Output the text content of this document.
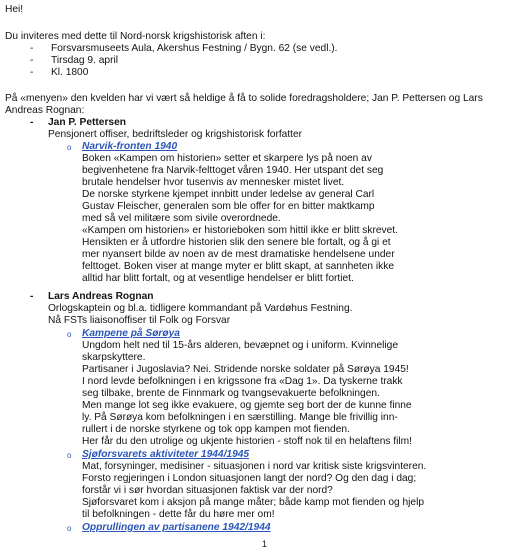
Hei!
Du inviteres med dette til Nord-norsk krigshistorisk aften i:
- Forsvarsmuseets Aula, Akershus Festning / Bygn. 62 (se vedl.).
- Tirsdag 9. april
- Kl. 1800
På «menyen» den kvelden har vi vært så heldige å få to solide foredragsholdere; Jan P. Pettersen og Lars
Andreas Rognan:
- Jan P. Pettersen
Pensjonert offiser, bedriftsleder og krigshistorisk forfatter
o Narvik-fronten 1940
Boken «Kampen om historien» setter et skarpere lys på noen av
begivenhetene fra Narvik-felttoget våren 1940. Her utspant det seg
brutale hendelser hvor tusenvis av mennesker mistet livet.
De norske styrkene kjempet innbitt under ledelse av general Carl
Gustav Fleischer, generalen som ble offer for en bitter maktkamp
med så vel militære som sivile overordnede.
«Kampen om historien» er historieboken som hittil ikke er blitt skrevet.
Hensikten er å utfordre historien slik den senere ble fortalt, og å gi et
mer nyansert bilde av noen av de mest dramatiske hendelsene under
felttoget. Boken viser at mange myter er blitt skapt, at sannheten ikke
alltid har blitt fortalt, og at vesentlige hendelser er blitt fortiet.
- Lars Andreas Rognan
Orlogskaptein og bl.a. tidligere kommandant på Vardøhus Festning.
Nå FSTs liaisonoffiser til Folk og Forsvar
o Kampene på Sørøya
Ungdom helt ned til 15-års alderen, bevæpnet og i uniform. Kvinnelige
skarpskyttere.
Partisaner i Jugoslavia? Nei. Stridende norske soldater på Sørøya 1945!
I nord levde befolkningen i en krigssone fra «Dag 1». Da tyskerne trakk
seg tilbake, brente de Finnmark og tvangsevakuerte befolkningen.
Men mange lot seg ikke evakuere, og gjemte seg bort der de kunne finne
ly. På Sørøya kom befolkningen i en særstilling. Mange ble frivillig inn-
rullert i de norske styrkene og tok opp kampen mot fienden.
Her får du den utrolige og ukjente historien - stoff nok til en helaftens film!
o Sjøforsvarets aktiviteter 1944/1945
Mat, forsyninger, medisiner - situasjonen i nord var kritisk siste krigsvinteren.
Forsto regjeringen i London situasjonen langt der nord? Og den dag i dag;
forstår vi i sør hvordan situasjonen faktisk var der nord?
Sjøforsvaret kom i aksjon på mange måter; både kamp mot fienden og hjelp
til befolkningen - dette får du høre mer om!
o Opprullingen av partisanene 1942/1944
1
